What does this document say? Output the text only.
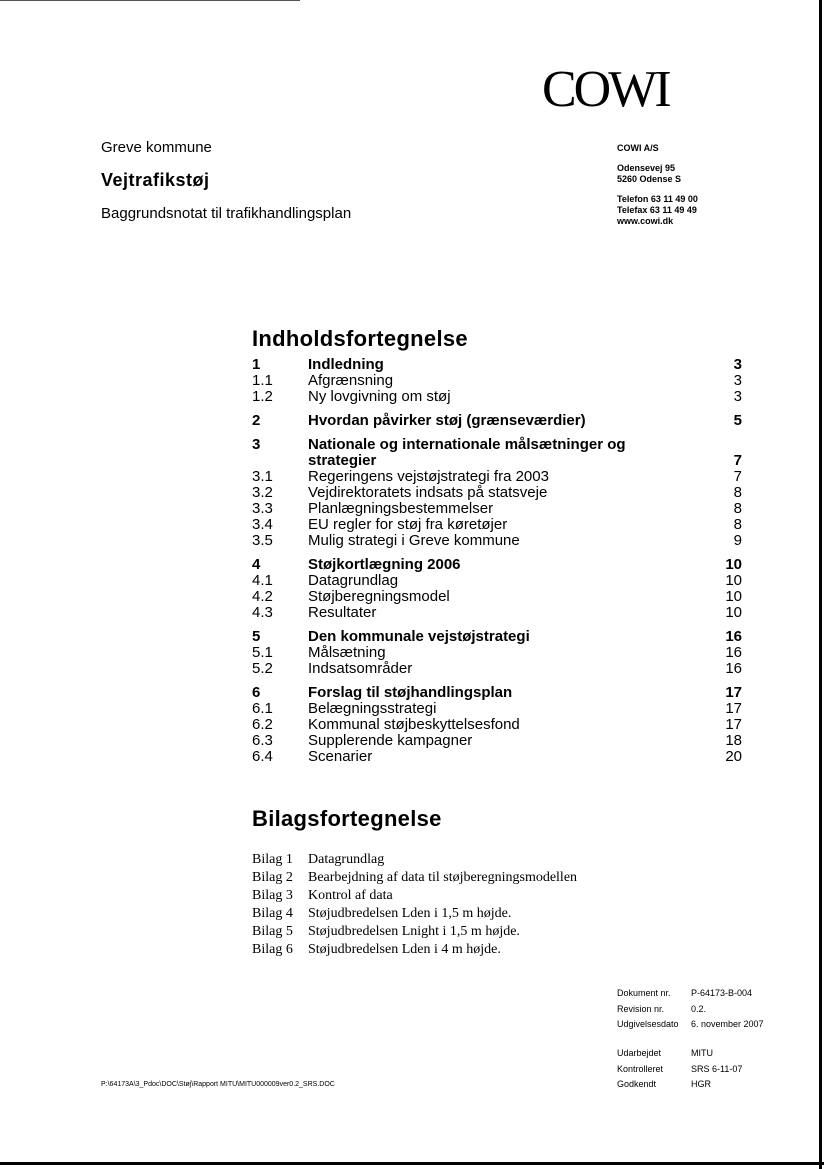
COWI
Greve kommune
Vejtrafikstøj
Baggrundsnotat til trafikhandlingsplan
COWI A/S
Odensevej 95
5260 Odense S
Telefon 63 11 49 00
Telefax 63 11 49 49
www.cowi.dk
Indholdsfortegnelse
1	Indledning	3
1.1 Afgrænsning	3
1.2 Ny lovgivning om støj	3
2	Hvordan påvirker støj (grænseværdier)	5
3	Nationale og internationale målsætninger og strategier	7
3.1 Regeringens vejstøjstrategi fra 2003	7
3.2 Vejdirektoratets indsats på statsveje	8
3.3 Planlægningsbestemmelser	8
3.4 EU regler for støj fra køretøjer	8
3.5 Mulig strategi i Greve kommune	9
4	Støjkortlægning 2006	10
4.1 Datagrundlag	10
4.2 Støjberegningsmodel	10
4.3 Resultater	10
5	Den kommunale vejstøjstrategi	16
5.1 Målsætning	16
5.2 Indsatsområder	16
6	Forslag til støjhandlingsplan	17
6.1 Belægningsstrategi	17
6.2 Kommunal støjbeskyttelsesfond	17
6.3 Supplerende kampagner	18
6.4 Scenarier	20
Bilagsfortegnelse
Bilag 1 Datagrundlag
Bilag 2 Bearbejdning af data til støjberegningsmodellen
Bilag 3 Kontrol af data
Bilag 4 Støjudbredelsen Lden i 1,5 m højde.
Bilag 5 Støjudbredelsen Lnight i 1,5 m højde.
Bilag 6 Støjudbredelsen Lden i 4 m højde.
Dokument nr. P-64173-B-004
Revision nr.	0.2.
Udgivelsesdato 6. november 2007
Udarbejdet	MITU
Kontrolleret	SRS 6-11-07
Godkendt	HGR
P:\64173A\3_Pdoc\DOC\Støj\Rapport MITU\MITU000009ver0.2_SRS.DOC
